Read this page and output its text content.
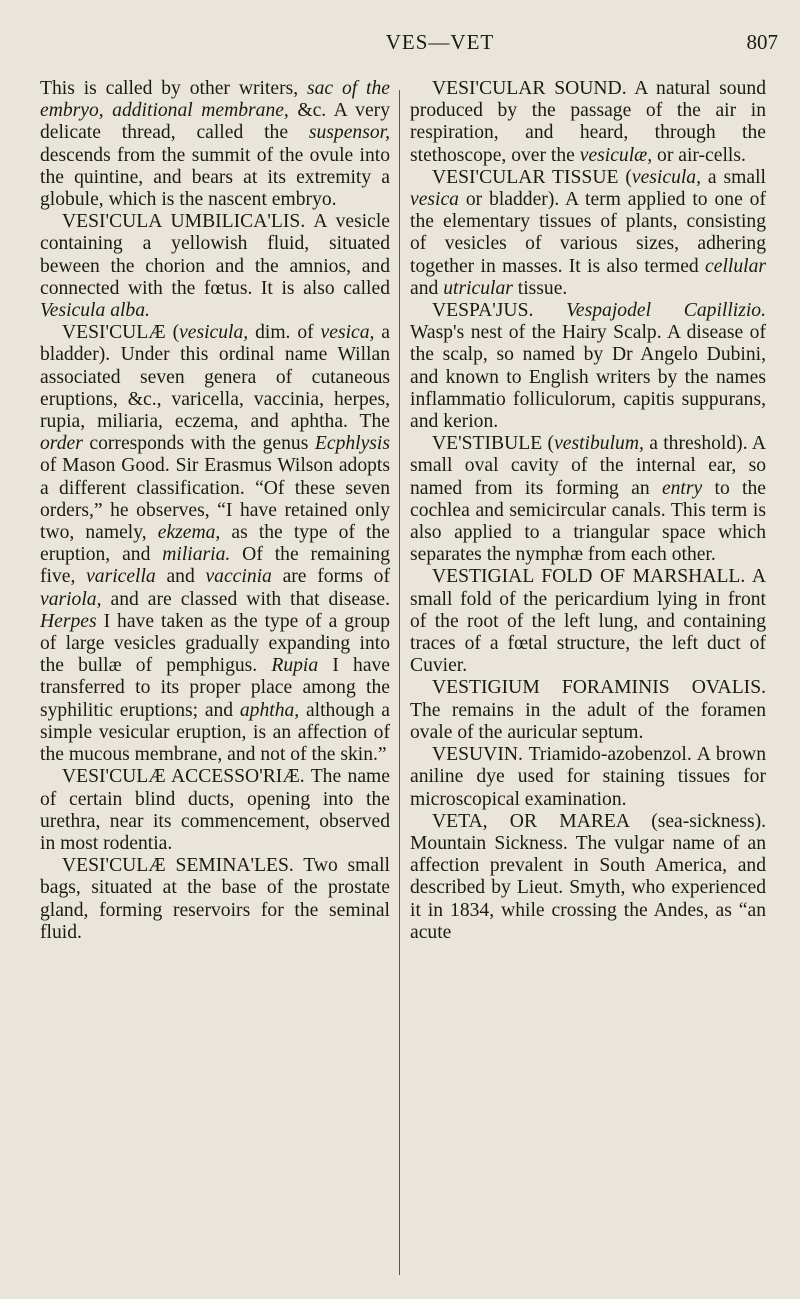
VES—VET	807

This is called by other writers, sac of the embryo, additional membrane, &c. A very delicate thread, called the suspensor, descends from the summit of the ovule into the quintine, and bears at its extremity a globule, which is the nascent embryo.

VESI'CULA UMBILICA'LIS. A vesicle containing a yellowish fluid, situated beween the chorion and the amnios, and connected with the fœtus. It is also called Vesicula alba.

VESI'CULÆ (vesicula, dim. of vesica, a bladder). Under this ordinal name Willan associated seven genera of cutaneous eruptions, &c., varicella, vaccinia, herpes, rupia, miliaria, eczema, and aphtha. The order corresponds with the genus Ecphlysis of Mason Good. Sir Erasmus Wilson adopts a different classification. “Of these seven orders,” he observes, “I have retained only two, namely, ekzema, as the type of the eruption, and miliaria. Of the remaining five, varicella and vaccinia are forms of variola, and are classed with that disease. Herpes I have taken as the type of a group of large vesicles gradually expanding into the bullæ of pemphigus. Rupia I have transferred to its proper place among the syphilitic eruptions; and aphtha, although a simple vesicular eruption, is an affection of the mucous membrane, and not of the skin.”

VESI'CULÆ ACCESSO'RIÆ. The name of certain blind ducts, opening into the urethra, near its commencement, observed in most rodentia.

VESI'CULÆ SEMINA'LES. Two small bags, situated at the base of the prostate gland, forming reservoirs for the seminal fluid.

VESI'CULAR SOUND. A natural sound produced by the passage of the air in respiration, and heard, through the stethoscope, over the vesiculæ, or air-cells.

VESI'CULAR TISSUE (vesicula, a small vesica or bladder). A term applied to one of the elementary tissues of plants, consisting of vesicles of various sizes, adhering together in masses. It is also termed cellular and utricular tissue.

VESPA'JUS. Vespajodel Capillizio. Wasp's nest of the Hairy Scalp. A disease of the scalp, so named by Dr Angelo Dubini, and known to English writers by the names inflammatio folliculorum, capitis suppurans, and kerion.

VE'STIBULE (vestibulum, a threshold). A small oval cavity of the internal ear, so named from its forming an entry to the cochlea and semicircular canals. This term is also applied to a triangular space which separates the nymphæ from each other.

VESTIGIAL FOLD OF MARSHALL. A small fold of the pericardium lying in front of the root of the left lung, and containing traces of a fœtal structure, the left duct of Cuvier.

VESTIGIUM FORAMINIS OVALIS. The remains in the adult of the foramen ovale of the auricular septum.

VESUVIN. Triamido-azobenzol. A brown aniline dye used for staining tissues for microscopical examination.

VETA, OR MAREA (sea-sickness). Mountain Sickness. The vulgar name of an affection prevalent in South America, and described by Lieut. Smyth, who experienced it in 1834, while crossing the Andes, as “an acute
